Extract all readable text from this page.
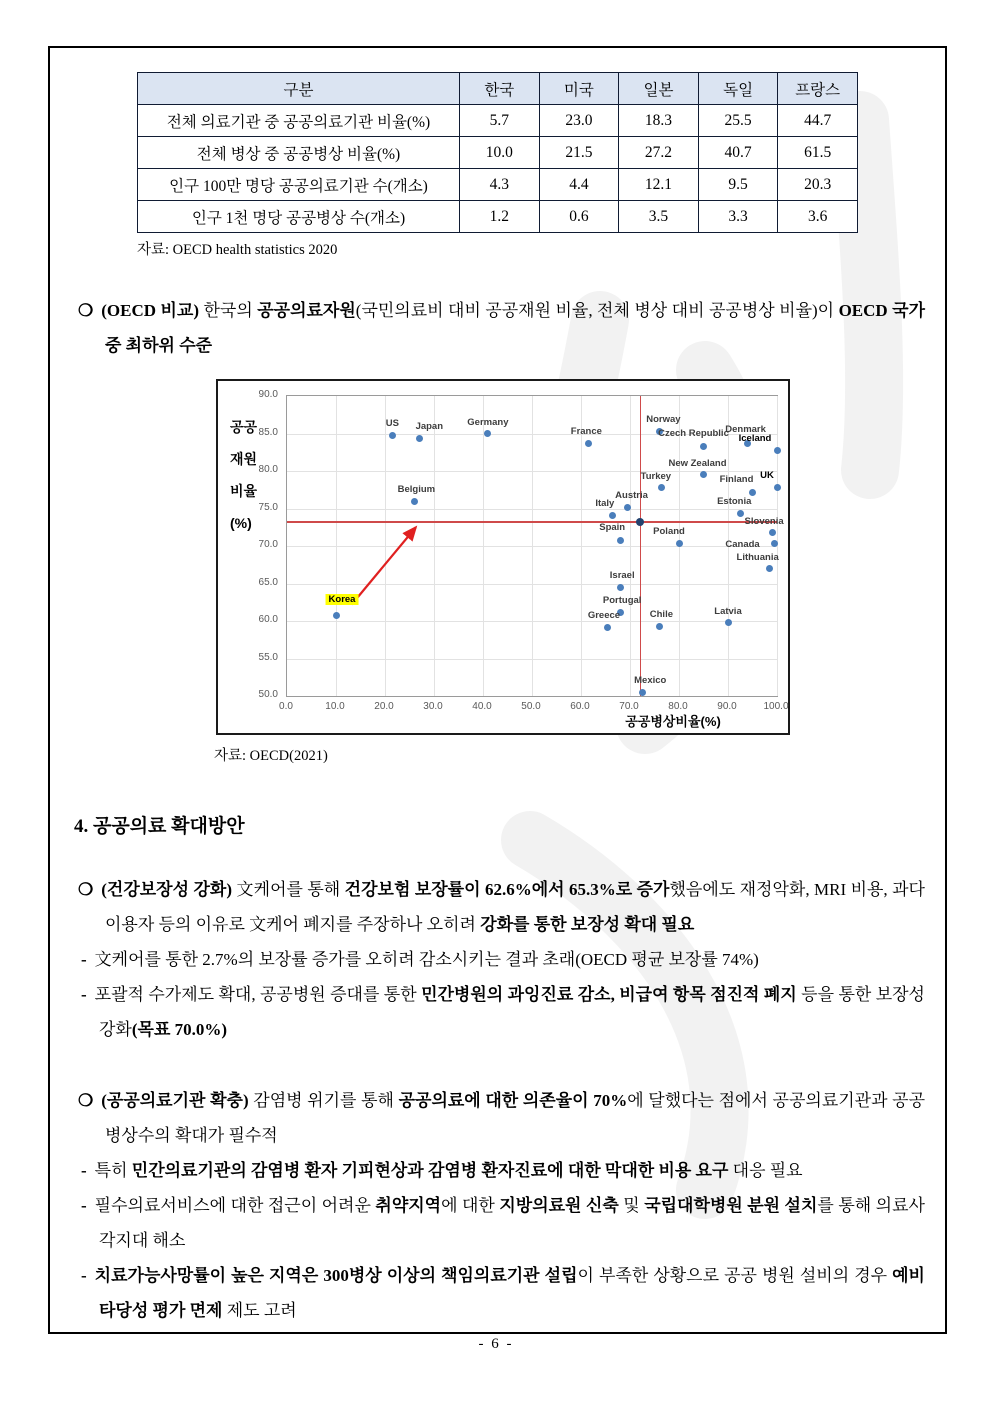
구분	한국	미국	일본	독일	프랑스
전체 의료기관 중 공공의료기관 비율(%)	5.7	23.0	18.3	25.5	44.7
전체 병상 중 공공병상 비율(%)	10.0	21.5	27.2	40.7	61.5
인구 100만 명당 공공의료기관 수(개소)	4.3	4.4	12.1	9.5	20.3
인구 1천 명당 공공병상 수(개소)	1.2	0.6	3.5	3.3	3.6
자료: OECD health statistics 2020

❍ (OECD 비교) 한국의 공공의료자원(국민의료비 대비 공공재원 비율, 전체 병상 대비 공공병상 비율)이 OECD 국가 중 최하위 수준

공공
재원
비율
(%)
Korea
US Japan
Belgium
Germany
France
Norway
Czech Republic
Denmark
Iceland
New Zealand
Turkey	Finland UK
Austria
Italy	Estonia
Spain
Slovenia
Poland
Canada
Lithuania
Israel
Portugal
Greece	Chile	Latvia
Mexico
공공병상비율(%)
0.0	10.0	20.0	30.0	40.0	50.0	60.0	70.0	80.0	90.0	100.0
50.0
55.0
60.0
65.0
70.0
75.0
80.0
85.0
90.0
자료: OECD(2021)
4. 공공의료 확대방안

❍ (건강보장성 강화) 文케어를 통해 건강보험 보장률이 62.6%에서 65.3%로 증가했음에도 재정악화, MRI 비용, 과다이용자 등의 이유로 文케어 폐지를 주장하나 오히려 강화를 통한 보장성 확대 필요

- 文케어를 통한 2.7%의 보장률 증가를 오히려 감소시키는 결과 초래(OECD 평균 보장률 74%)

- 포괄적 수가제도 확대, 공공병원 증대를 통한 민간병원의 과잉진료 감소, 비급여 항목 점진적 폐지 등을 통한 보장성 강화(목표 70.0%)

❍ (공공의료기관 확충) 감염병 위기를 통해 공공의료에 대한 의존율이 70%에 달했다는 점에서 공공의료기관과 공공병상수의 확대가 필수적

- 특히 민간의료기관의 감염병 환자 기피현상과 감염병 환자진료에 대한 막대한 비용 요구 대응 필요

- 필수의료서비스에 대한 접근이 어려운 취약지역에 대한 지방의료원 신축 및 국립대학병원 분원 설치를 통해 의료사각지대 해소

- 치료가능사망률이 높은 지역은 300병상 이상의 책임의료기관 설립이 부족한 상황으로 공공 병원 설비의 경우 예비타당성 평가 면제 제도 고려

- 6 -
